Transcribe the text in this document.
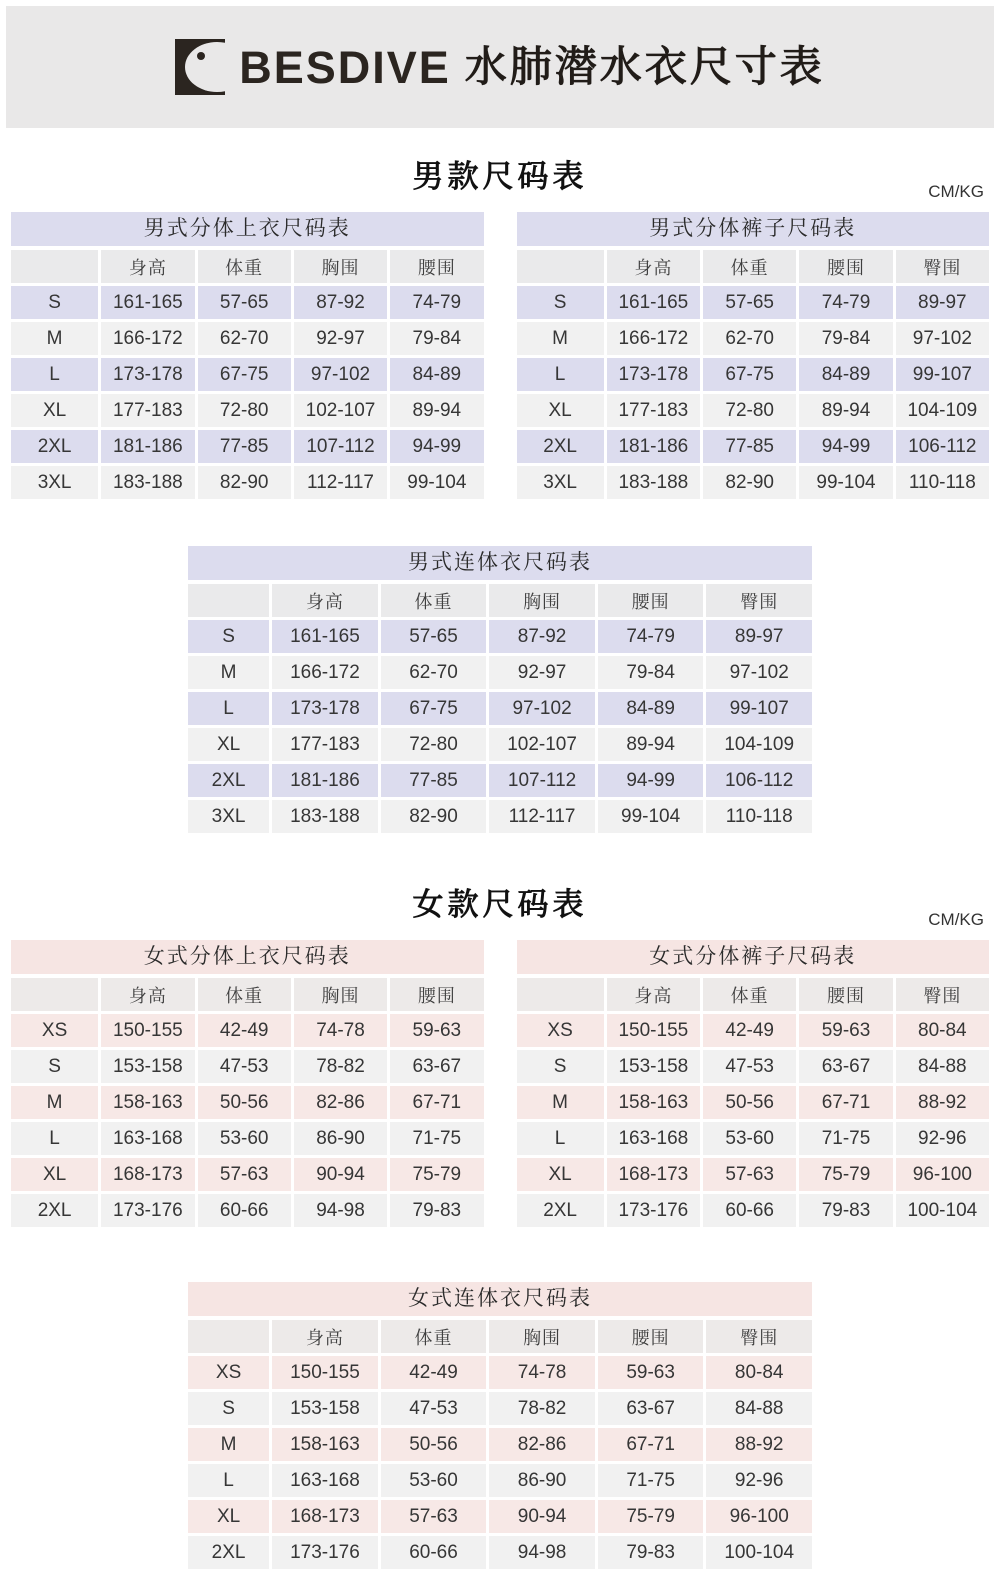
BESDIVE 水肺潜水衣尺寸表
男款尺码表	CM/KG
男式分体上衣尺码表
	身高	体重	胸围	腰围
S	161-165	57-65	87-92	74-79
M	166-172	62-70	92-97	79-84
L	173-178	67-75	97-102	84-89
XL	177-183	72-80	102-107	89-94
2XL	181-186	77-85	107-112	94-99
3XL	183-188	82-90	112-117	99-104
男式分体裤子尺码表
	身高	体重	腰围	臀围
S	161-165	57-65	74-79	89-97
M	166-172	62-70	79-84	97-102
L	173-178	67-75	84-89	99-107
XL	177-183	72-80	89-94	104-109
2XL	181-186	77-85	94-99	106-112
3XL	183-188	82-90	99-104	110-118
男式连体衣尺码表
	身高	体重	胸围	腰围	臀围
S	161-165	57-65	87-92	74-79	89-97
M	166-172	62-70	92-97	79-84	97-102
L	173-178	67-75	97-102	84-89	99-107
XL	177-183	72-80	102-107	89-94	104-109
2XL	181-186	77-85	107-112	94-99	106-112
3XL	183-188	82-90	112-117	99-104	110-118
女款尺码表	CM/KG
女式分体上衣尺码表
	身高	体重	胸围	腰围
XS	150-155	42-49	74-78	59-63
S	153-158	47-53	78-82	63-67
M	158-163	50-56	82-86	67-71
L	163-168	53-60	86-90	71-75
XL	168-173	57-63	90-94	75-79
2XL	173-176	60-66	94-98	79-83
女式分体裤子尺码表
	身高	体重	腰围	臀围
XS	150-155	42-49	59-63	80-84
S	153-158	47-53	63-67	84-88
M	158-163	50-56	67-71	88-92
L	163-168	53-60	71-75	92-96
XL	168-173	57-63	75-79	96-100
2XL	173-176	60-66	79-83	100-104
女式连体衣尺码表
	身高	体重	胸围	腰围	臀围
XS	150-155	42-49	74-78	59-63	80-84
S	153-158	47-53	78-82	63-67	84-88
M	158-163	50-56	82-86	67-71	88-92
L	163-168	53-60	86-90	71-75	92-96
XL	168-173	57-63	90-94	75-79	96-100
2XL	173-176	60-66	94-98	79-83	100-104
